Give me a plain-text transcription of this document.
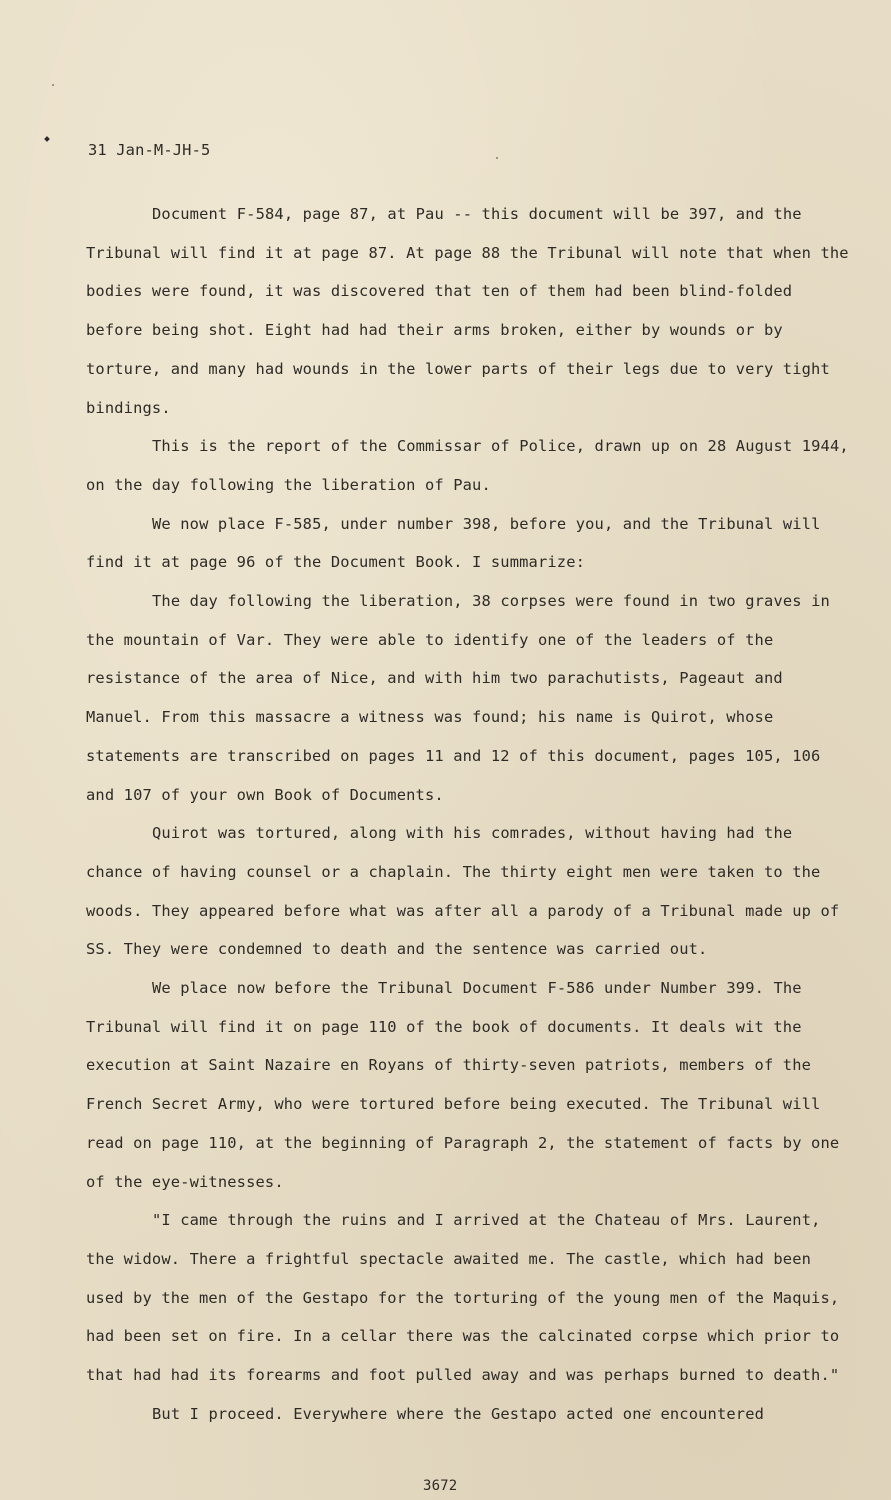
31 Jan-M-JH-5

Document F-584, page 87, at Pau -- this document will be 397, and the Tribunal will find it at page 87. At page 88 the Tribunal will note that when the bodies were found, it was discovered that ten of them had been blind-folded before being shot. Eight had had their arms broken, either by wounds or by torture, and many had wounds in the lower parts of their legs due to very tight bindings.

This is the report of the Commissar of Police, drawn up on 28 August 1944, on the day following the liberation of Pau.

We now place F-585, under number 398, before you, and the Tribunal will find it at page 96 of the Document Book. I summarize:

The day following the liberation, 38 corpses were found in two graves in the mountain of Var. They were able to identify one of the leaders of the resistance of the area of Nice, and with him two parachutists, Pageaut and Manuel. From this massacre a witness was found; his name is Quirot, whose statements are transcribed on pages 11 and 12 of this document, pages 105, 106 and 107 of your own Book of Documents.

Quirot was tortured, along with his comrades, without having had the chance of having counsel or a chaplain. The thirty eight men were taken to the woods. They appeared before what was after all a parody of a Tribunal made up of SS. They were condemned to death and the sentence was carried out.

We place now before the Tribunal Document F-586 under Number 399. The Tribunal will find it on page 110 of the book of documents. It deals wit the execution at Saint Nazaire en Royans of thirty-seven patriots, members of the French Secret Army, who were tortured before being executed. The Tribunal will read on page 110, at the beginning of Paragraph 2, the statement of facts by one of the eye-witnesses.

"I came through the ruins and I arrived at the Chateau of Mrs. Laurent, the widow. There a frightful spectacle awaited me. The castle, which had been used by the men of the Gestapo for the torturing of the young men of the Maquis, had been set on fire. In a cellar there was the calcinated corpse which prior to that had had its forearms and foot pulled away and was perhaps burned to death."

But I proceed. Everywhere where the Gestapo acted one encountered

3672
